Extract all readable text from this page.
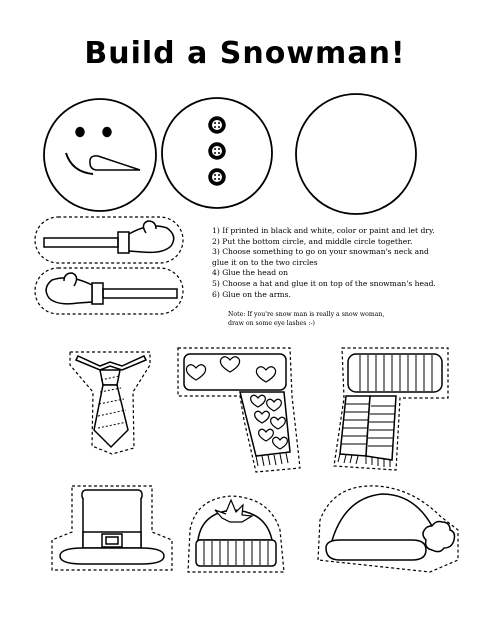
Build a Snowman!
1) If printed in black and white, color or paint and let dry.
2) Put the bottom circle, and middle circle together.
3) Choose something to go on your snowman's neck and
glue it on to the two circles
4) Glue the head on
5) Choose a hat and glue it on top of the snowman's head.
6) Glue on the arms.
Note: If you're snow man is really a snow woman,
draw on some eye lashes :-)
